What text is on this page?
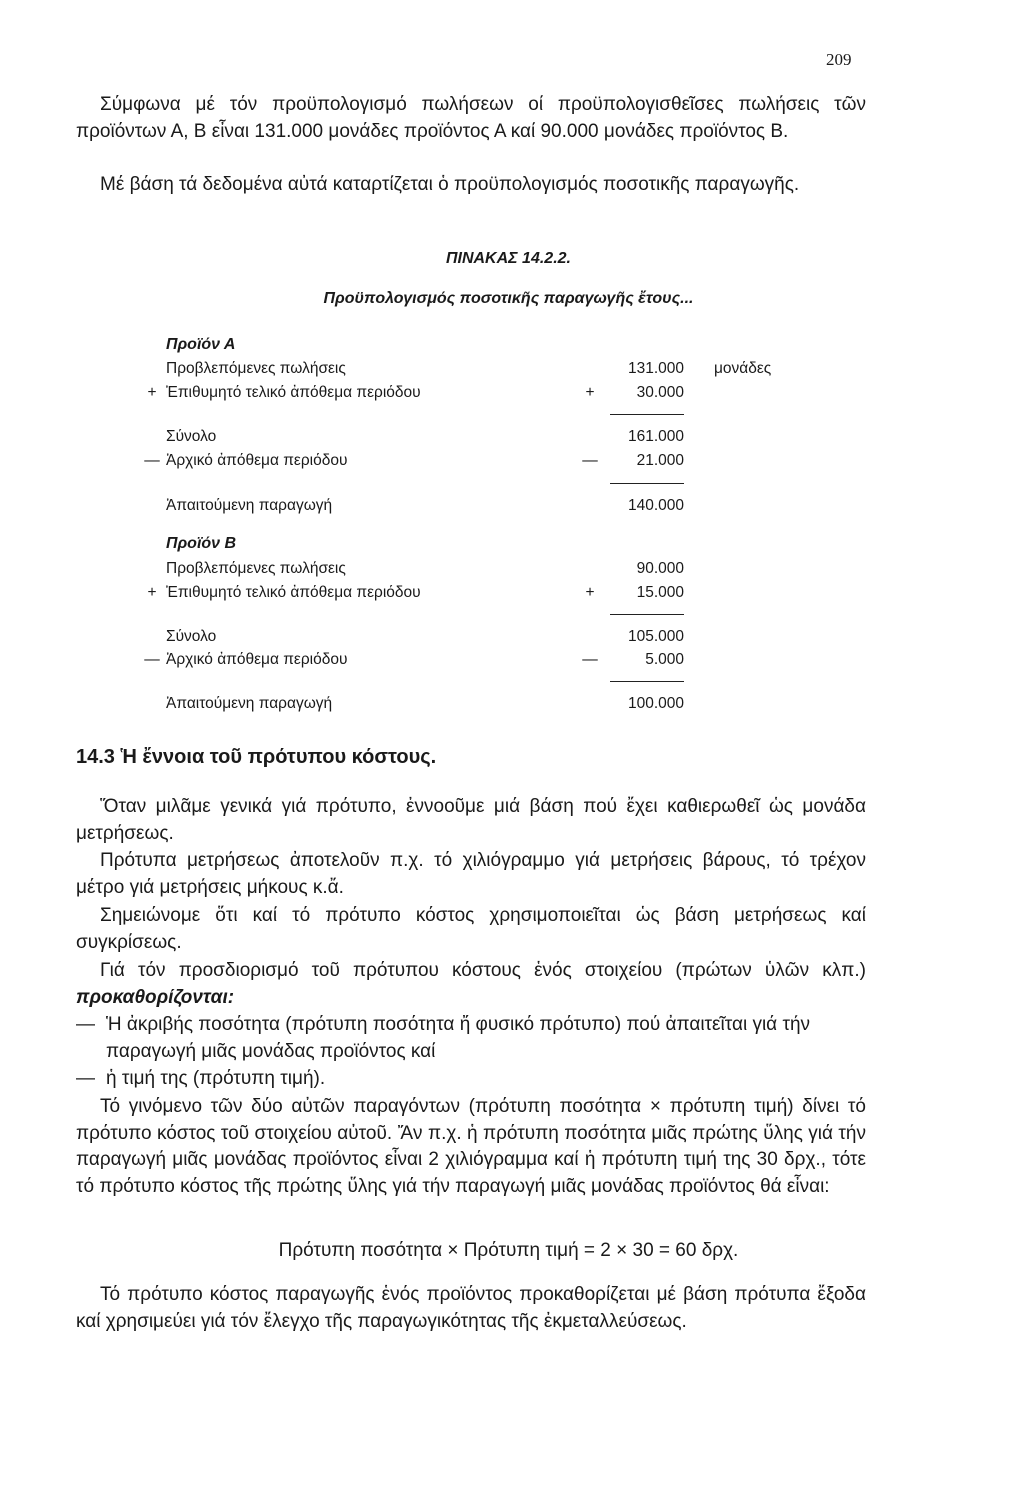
209
Σύμφωνα μέ τόν προϋπολογισμό πωλήσεων οί προϋπολογισθεῖσες πωλήσεις τῶν προϊόντων Α, Β εἶναι 131.000 μονάδες προϊόντος Α καί 90.000 μονάδες προϊόντος Β.
Μέ βάση τά δεδομένα αὐτά καταρτίζεται ὁ προϋπολογισμός ποσοτικῆς παραγωγῆς.
ΠΙΝΑΚΑΣ 14.2.2.
Προϋπολογισμός ποσοτικῆς παραγωγῆς ἔτους...
Προϊόν Α
Προβλεπόμενες πωλήσεις	131.000 μονάδες
+ Ἐπιθυμητό τελικό ἀπόθεμα περιόδου	+	30.000
Σύνολο	161.000
— Ἀρχικό ἀπόθεμα περιόδου	—	21.000
Ἀπαιτούμενη παραγωγή	140.000
Προϊόν Β
Προβλεπόμενες πωλήσεις	90.000
+ Ἐπιθυμητό τελικό ἀπόθεμα περιόδου	+	15.000
Σύνολο	105.000
— Ἀρχικό ἀπόθεμα περιόδου	—	5.000
Ἀπαιτούμενη παραγωγή	100.000
14.3 Ἡ ἔννοια τοῦ πρότυπου κόστους.
Ὅταν μιλᾶμε γενικά γιά πρότυπο, ἐννοοῦμε μιά βάση πού ἔχει καθιερωθεῖ ὡς μονάδα μετρήσεως.
Πρότυπα μετρήσεως ἀποτελοῦν π.χ. τό χιλιόγραμμο γιά μετρήσεις βάρους, τό τρέχον μέτρο γιά μετρήσεις μήκους κ.ἄ.
Σημειώνομε ὅτι καί τό πρότυπο κόστος χρησιμοποιεῖται ὡς βάση μετρήσεως καί συγκρίσεως.
Γιά τόν προσδιορισμό τοῦ πρότυπου κόστους ἑνός στοιχείου (πρώτων ὑλῶν κλπ.) προκαθορίζονται:
— Ἡ ἀκριβής ποσότητα (πρότυπη ποσότητα ἤ φυσικό πρότυπο) πού ἀπαιτεῖται γιά τήν παραγωγή μιᾶς μονάδας προϊόντος καί
— ἡ τιμή της (πρότυπη τιμή).
Τό γινόμενο τῶν δύο αὐτῶν παραγόντων (πρότυπη ποσότητα × πρότυπη τιμή) δίνει τό πρότυπο κόστος τοῦ στοιχείου αὐτοῦ. Ἄν π.χ. ἡ πρότυπη ποσότητα μιᾶς πρώτης ὕλης γιά τήν παραγωγή μιᾶς μονάδας προϊόντος εἶναι 2 χιλιόγραμμα καί ἡ πρότυπη τιμή της 30 δρχ., τότε τό πρότυπο κόστος τῆς πρώτης ὕλης γιά τήν παραγωγή μιᾶς μονάδας προϊόντος θά εἶναι:
Πρότυπη ποσότητα × Πρότυπη τιμή = 2 × 30 = 60 δρχ.
Τό πρότυπο κόστος παραγωγῆς ἑνός προϊόντος προκαθορίζεται μέ βάση πρότυπα ἔξοδα καί χρησιμεύει γιά τόν ἔλεγχο τῆς παραγωγικότητας τῆς ἐκμεταλλεύσεως.
